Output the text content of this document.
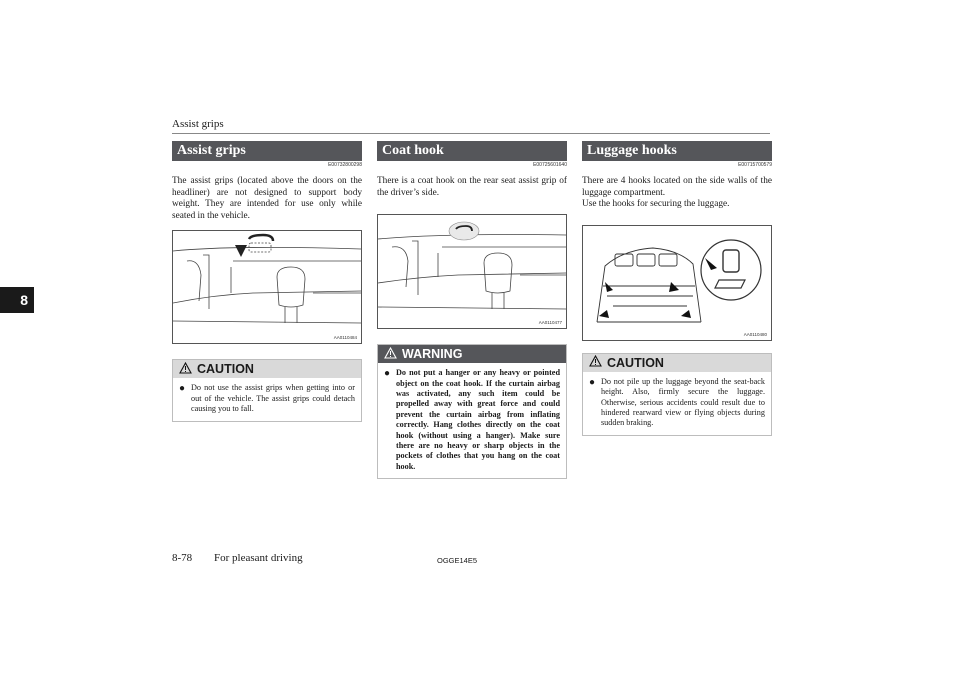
Assist grips
8
Assist grips
E00732800298
The assist grips (located above the doors on the headliner) are not designed to support body weight. They are intended for use only while seated in the vehicle.
AA0110484
CAUTION
● Do not use the assist grips when getting into or out of the vehicle. The assist grips could detach causing you to fall.
Coat hook
E00725601640
There is a coat hook on the rear seat assist grip of the driver’s side.
AA0110477
WARNING
● Do not put a hanger or any heavy or pointed object on the coat hook. If the curtain airbag was activated, any such item could be propelled away with great force and could prevent the curtain airbag from inflating correctly. Hang clothes directly on the coat hook (without using a hanger). Make sure there are no heavy or sharp objects in the pockets of clothes that you hang on the coat hook.
Luggage hooks
E00715700579
There are 4 hooks located on the side walls of the luggage compartment.
Use the hooks for securing the luggage.
AA0110480
CAUTION
● Do not pile up the luggage beyond the seat-back height. Also, firmly secure the luggage. Otherwise, serious accidents could result due to hindered rearward view or flying objects during sudden braking.
8-78 For pleasant driving	OGGE14E5
